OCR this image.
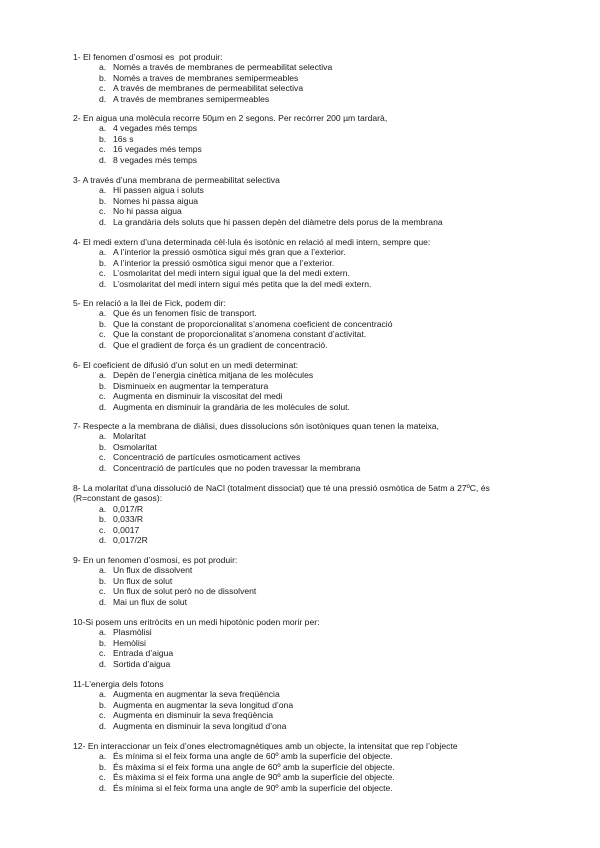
1- El fenomen d’osmosi es  pot produir:
a. Només a través de membranes de permeabilitat selectiva
b. Només a traves de membranes semipermeables
c. A través de membranes de permeabilitat selectiva
d. A través de membranes semipermeables
2- En aigua una molècula recorre 50µm en 2 segons. Per recórrer 200 µm tardarà,
a. 4 vegades més temps
b. 16s s
c. 16 vegades més temps
d. 8 vegades més temps
3- A través d’una membrana de permeabilitat selectiva
a. Hi passen aigua i soluts
b. Nomes hi passa aigua
c. No hi passa aigua
d. La grandària dels soluts que hi passen depèn del diàmetre dels porus de la membrana
4- El medi extern d’una determinada cèl·lula és isotònic en relació al medi intern, sempre que:
a. A l’interior la pressió osmòtica sigui més gran que a l’exterior.
b. A l’interior la pressió osmòtica sigui menor que a l’exterior.
c. L’osmolaritat del medi intern sigui igual que la del medi extern.
d. L’osmolaritat del medi intern sigui més petita que la del medi extern.
5- En relació a la llei de Fick, podem dir:
a. Que és un fenomen físic de transport.
b. Que la constant de proporcionalitat s’anomena coeficient de concentració
c. Que la constant de proporcionalitat s’anomena constant d’activitat.
d. Que el gradient de força és un gradient de concentració.
6- El coeficient de difusió d’un solut en un medi determinat:
a. Depèn de l’energia cinètica mitjana de les molècules
b. Disminueix en augmentar la temperatura
c. Augmenta en disminuir la viscositat del medi
d. Augmenta en disminuir la grandària de les molècules de solut.
7- Respecte a la membrana de diàlisi, dues dissolucions són isotòniques quan tenen la mateixa,
a. Molaritat
b. Osmolaritat
c. Concentració de partícules osmoticament actives
d. Concentració de partícules que no poden travessar la membrana
8- La molaritat d’una dissolució de NaCl (totalment dissociat) que té una pressió osmòtica de 5atm a 27ºC, és (R=constant de gasos):
a. 0,017/R
b. 0,033/R
c. 0,0017
d. 0,017/2R
9- En un fenomen d’osmosi, es pot produir:
a. Un flux de dissolvent
b. Un flux de solut
c. Un flux de solut però no de dissolvent
d. Mai un flux de solut
10-Si posem uns eritròcits en un medi hipotònic poden morir per:
a. Plasmòlisi
b. Hemòlisi
c. Entrada d’aigua
d. Sortida d’aigua
11-L’energia dels fotons
a. Augmenta en augmentar la seva freqüència
b. Augmenta en augmentar la seva longitud d’ona
c. Augmenta en disminuir la seva freqüència
d. Augmenta en disminuir la seva longitud d’ona
12- En interaccionar un feix d’ones electromagnètiques amb un objecte, la intensitat que rep l’objecte
a. És mínima si el feix forma una angle de 60º amb la superfície del objecte.
b. És màxima si el feix forma una angle de 60º amb la superfície del objecte.
c. És màxima si el feix forma una angle de 90º amb la superfície del objecte.
d. És mínima si el feix forma una angle de 90º amb la superfície del objecte.
